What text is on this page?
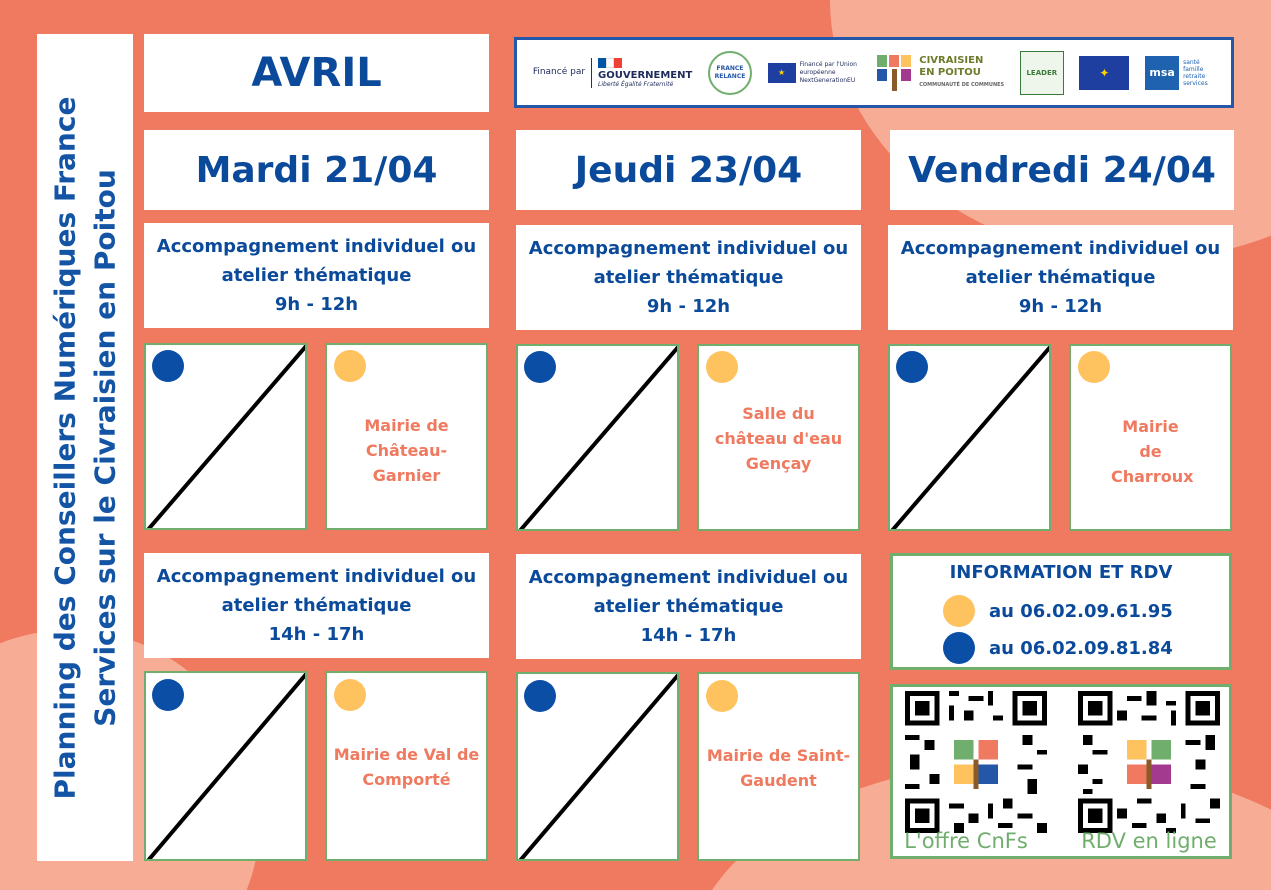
Planning des Conseillers Numériques France Services sur le Civraisien en Poitou
AVRIL	Financé par GOUVERNEMENT
Liberté Égalité Fraternité
FRANCE RELANCE	★
Financé par l'Union européenne NextGenerationEU
CIVRAISIEN EN POITOU
COMMUNAUTÉ DE COMMUNES
LEADER	✦	msa
santé famille retraite services
Mardi 21/04
Accompagnement individuel ou atelier thématique
9h - 12h
Mairie de Château-Garnier
Accompagnement individuel ou atelier thématique
14h - 17h
Mairie de Val de Comporté
Jeudi 23/04
Accompagnement individuel ou atelier thématique
9h - 12h
Salle du château d'eau Gençay
Accompagnement individuel ou atelier thématique
14h - 17h
Mairie de Saint-Gaudent
Vendredi 24/04
Accompagnement individuel ou atelier thématique
9h - 12h
Mairie de Charroux
INFORMATION ET RDV
au 06.02.09.61.95
au 06.02.09.81.84
L'offre CnFs	RDV en ligne
